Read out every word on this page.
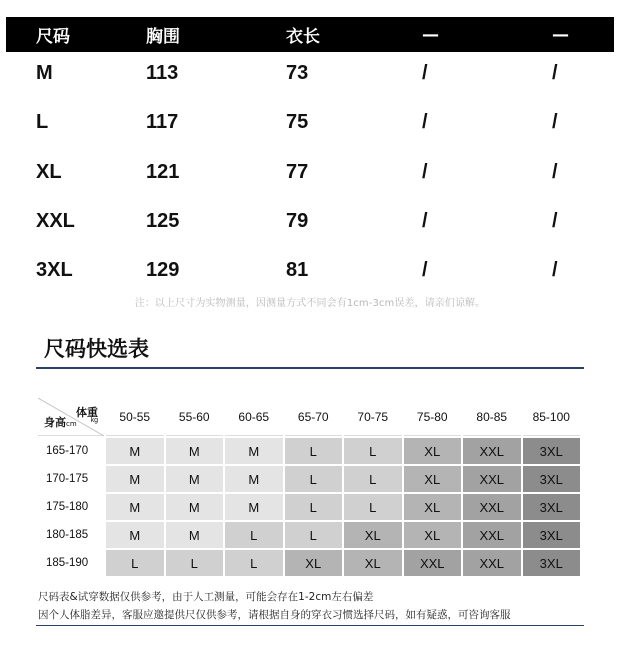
尺码	胸围	衣长	—	—
M	113	73	/	/
L	117	75	/	/
XL	121	77	/	/
XXL	125	79	/	/
3XL	129	81	/	/
注：以上尺寸为实物测量，因测量方式不同会有1cm-3cm误差，请亲们谅解。
尺码快选表
体重
kg
身高cm	50-55	55-60	60-65	65-70	70-75	75-80	80-85	85-100
165-170	M	M	M	L	L	XL	XXL	3XL
170-175	M	M	M	L	L	XL	XXL	3XL
175-180	M	M	M	L	L	XL	XXL	3XL
180-185	M	M	L	L	XL	XL	XXL	3XL
185-190	L	L	L	XL	XL	XXL	XXL	3XL
尺码表&试穿数据仅供参考，由于人工测量，可能会存在1-2cm左右偏差
因个人体脂差异，客服应邀提供尺仅供参考，请根据自身的穿衣习惯选择尺码，如有疑惑，可咨询客服
